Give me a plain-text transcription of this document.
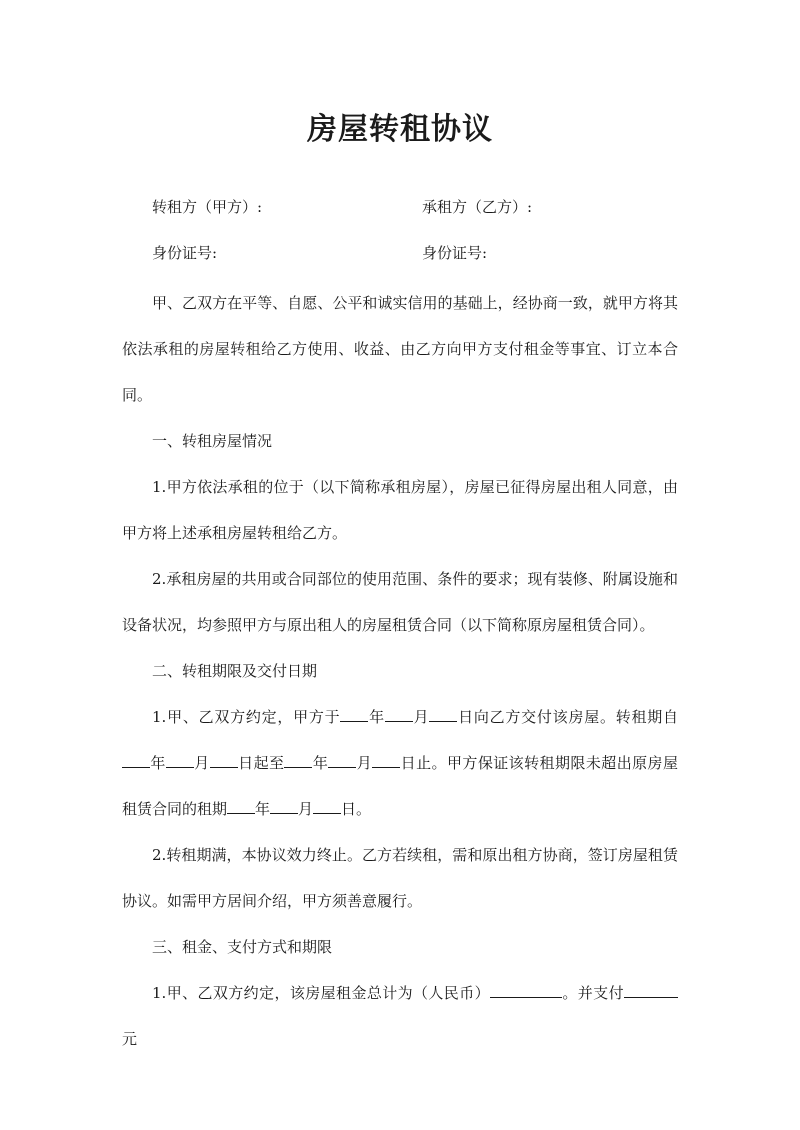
房屋转租协议
转租方（甲方）:	承租方（乙方）:
身份证号:	身份证号:

甲、乙双方在平等、自愿、公平和诚实信用的基础上，经协商一致，就甲方将其依法承租的房屋转租给乙方使用、收益、由乙方向甲方支付租金等事宜、订立本合同。

一、转租房屋情况

1.甲方依法承租的位于（以下简称承租房屋），房屋已征得房屋出租人同意，由甲方将上述承租房屋转租给乙方。

2.承租房屋的共用或合同部位的使用范围、条件的要求；现有装修、附属设施和设备状况，均参照甲方与原出租人的房屋租赁合同（以下简称原房屋租赁合同）。

二、转租期限及交付日期

1.甲、乙双方约定，甲方于 年 月 日向乙方交付该房屋。转租期自年 月 日起至 年 月 日止。甲方保证该转租期限未超出原房屋租赁合同的租期 年 月 日。

2.转租期满，本协议效力终止。乙方若续租，需和原出租方协商，签订房屋租赁协议。如需甲方居间介绍，甲方须善意履行。

三、租金、支付方式和期限

1.甲、乙双方约定，该房屋租金总计为（人民币）	。并支付元
